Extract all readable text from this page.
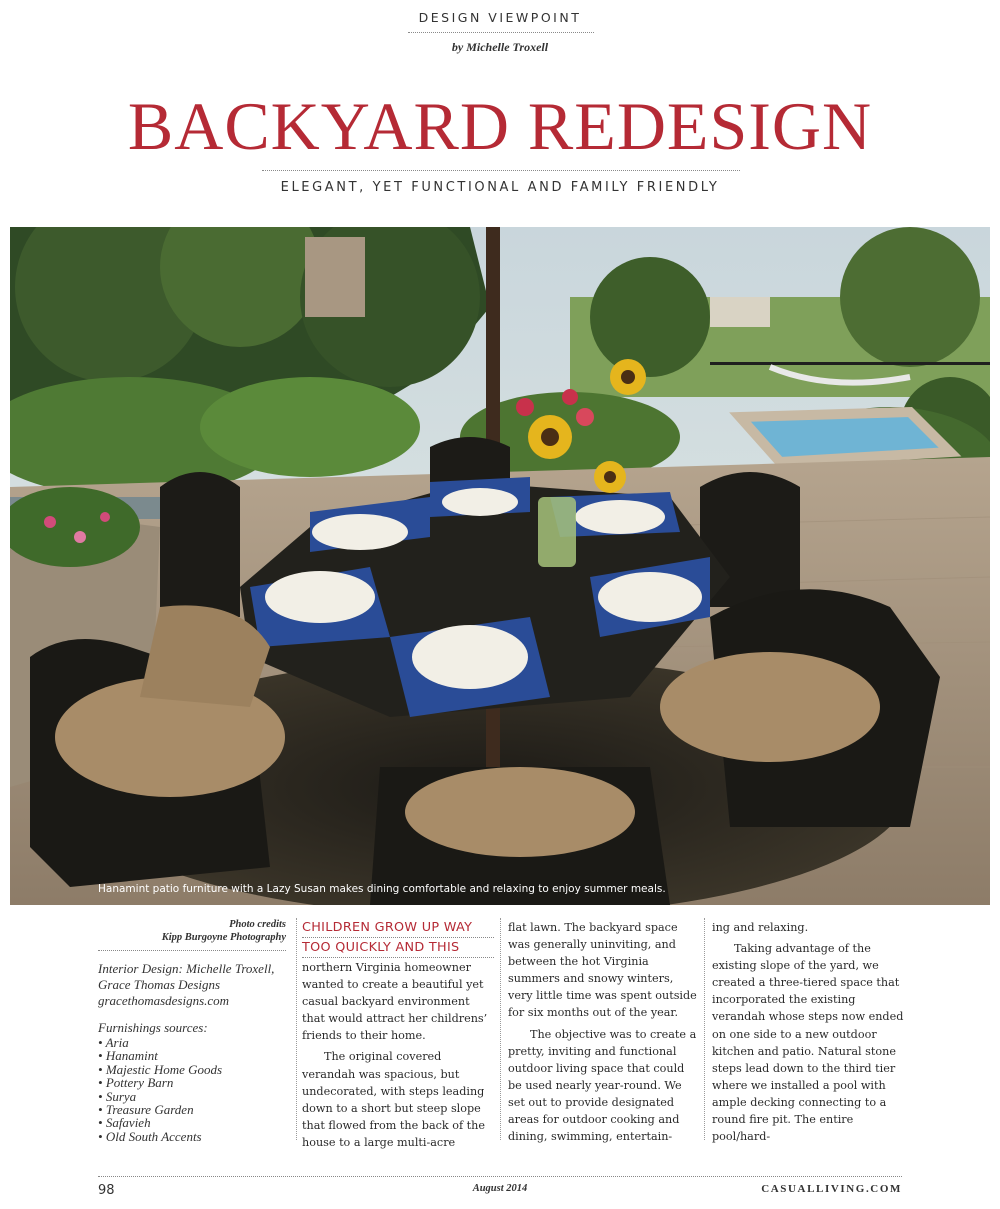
DESIGN VIEWPOINT
by Michelle Troxell
BACKYARD REDESIGN
ELEGANT, YET FUNCTIONAL AND FAMILY FRIENDLY
Hanamint patio furniture with a Lazy Susan makes dining comfortable and relaxing to enjoy summer meals.
Photo credits
Kipp Burgoyne Photography
Interior Design: Michelle Troxell,
Grace Thomas Designs
gracethomasdesigns.com
Furnishings sources:
• Aria
• Hanamint
• Majestic Home Goods
• Pottery Barn
• Surya
• Treasure Garden
• Safavieh
• Old South Accents
CHILDREN GROW UP WAY
TOO QUICKLY AND THIS

northern Virginia homeowner wanted to create a beautiful yet casual backyard environment that would attract her childrens’ friends to their home.

The original covered verandah was spacious, but undecorated, with steps leading down to a short but steep slope that flowed from the back of the house to a large multi-acre

flat lawn. The backyard space was generally uninviting, and between the hot Virginia summers and snowy winters, very little time was spent outside for six months out of the year.

The objective was to create a pretty, inviting and functional outdoor living space that could be used nearly year-round. We set out to provide designated areas for outdoor cooking and dining, swimming, entertain-

ing and relaxing.

Taking advantage of the existing slope of the yard, we created a three-tiered space that incorporated the existing verandah whose steps now ended on one side to a new outdoor kitchen and patio. Natural stone steps lead down to the third tier where we installed a pool with ample decking connecting to a round fire pit. The entire pool/hard-

98	August 2014	CASUALLIVING.COM
